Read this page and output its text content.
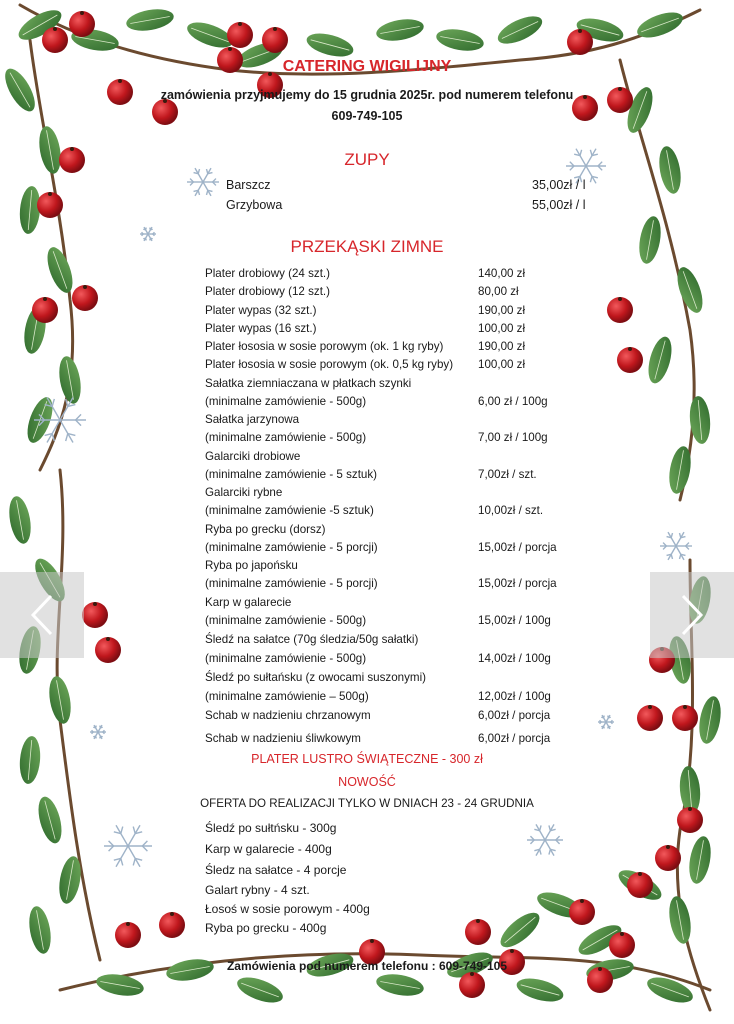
CATERING WIGILIJNY
zamówienia przyjmujemy do 15 grudnia 2025r. pod numerem telefonu
609-749-105
ZUPY
Barszcz	35,00zł / l
Grzybowa	55,00zł / l
PRZEKĄSKI ZIMNE
Plater drobiowy (24 szt.)	140,00 zł
Plater drobiowy (12 szt.)	80,00 zł
Plater wypas (32 szt.)	190,00 zł
Plater wypas (16 szt.)	100,00 zł
Plater łososia w sosie porowym (ok. 1 kg ryby)	190,00 zł
Plater łososia w sosie porowym (ok. 0,5 kg ryby) 100,00 zł
Sałatka ziemniaczana w płatkach szynki
(minimalne zamówienie - 500g)	6,00 zł / 100g
Sałatka jarzynowa
(minimalne zamówienie - 500g)	7,00 zł / 100g
Galarciki drobiowe
(minimalne zamówienie - 5 sztuk)	7,00zł / szt.
Galarciki rybne
(minimalne zamówienie -5 sztuk)	10,00zł / szt.
Ryba po grecku (dorsz)
(minimalne zamówienie - 5 porcji)	15,00zł / porcja
Ryba po japońsku
(minimalne zamówienie - 5 porcji)	15,00zł / porcja
Karp w galarecie
(minimalne zamówienie - 500g)	15,00zł / 100g
Śledź na sałatce (70g śledzia/50g sałatki)
(minimalne zamówienie - 500g)	14,00zł / 100g
Śledź po sułtańsku (z owocami suszonymi)
(minimalne zamówienie – 500g)	12,00zł / 100g
Schab w nadzieniu chrzanowym	6,00zł / porcja
Schab w nadzieniu śliwkowym	6,00zł / porcja
PLATER LUSTRO ŚWIĄTECZNE - 300 zł
NOWOŚĆ
OFERTA DO REALIZACJI TYLKO W DNIACH 23 - 24 GRUDNIA
Śledź po sułtńsku - 300g
Karp w galarecie - 400g
Śledz na sałatce - 4 porcje
Galart rybny - 4 szt.
Łosoś w sosie porowym - 400g
Ryba po grecku - 400g
Zamówienia pod numerem telefonu : 609-749-105
